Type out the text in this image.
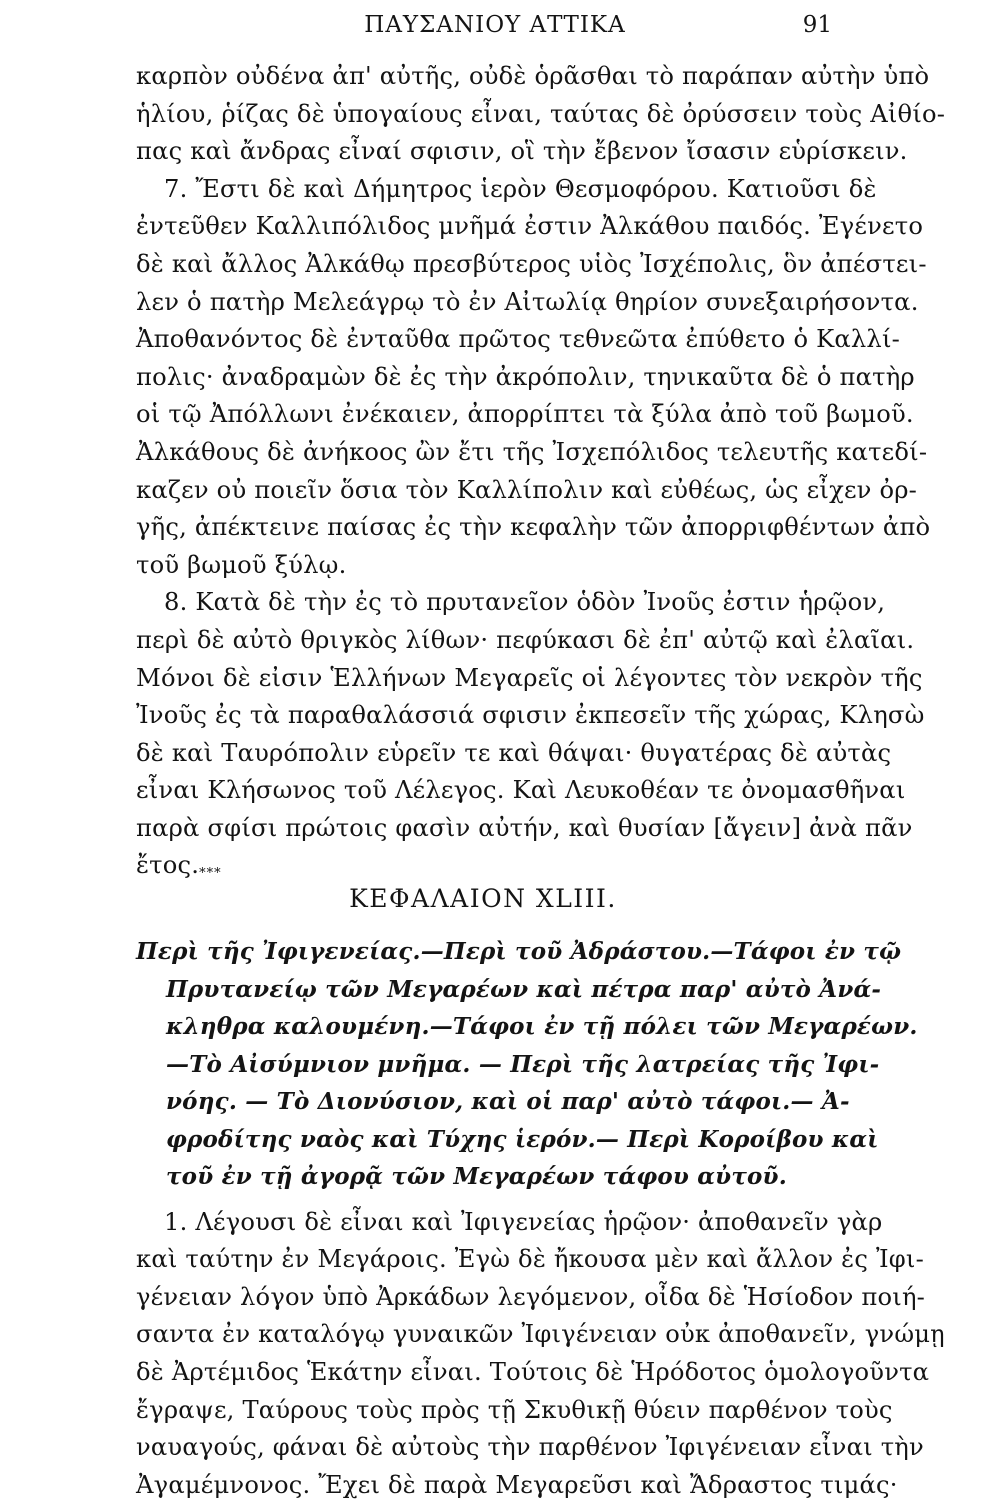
ΠΑΥΣΑΝΙΟΥ ΑΤΤΙΚΑ	91
καρπὸν οὐδένα ἀπ' αὐτῆς, οὐδὲ ὁρᾶσθαι τὸ παράπαν αὐτὴν ὑπὸ
ἡλίου, ῥίζας δὲ ὑπογαίους εἶναι, ταύτας δὲ ὀρύσσειν τοὺς Αἰθίο-
πας καὶ ἄνδρας εἶναί σφισιν, οἳ τὴν ἔβενον ἴσασιν εὑρίσκειν.
7. Ἔστι δὲ καὶ Δήμητρος ἱερὸν Θεσμοφόρου. Κατιοῦσι δὲ
ἐντεῦθεν Καλλιπόλιδος μνῆμά ἐστιν Ἀλκάθου παιδός. Ἐγένετο
δὲ καὶ ἄλλος Ἀλκάθῳ πρεσβύτερος υἱὸς Ἰσχέπολις, ὃν ἀπέστει-
λεν ὁ πατὴρ Μελεάγρῳ τὸ ἐν Αἰτωλίᾳ θηρίον συνεξαιρήσοντα.
Ἀποθανόντος δὲ ἐνταῦθα πρῶτος τεθνεῶτα ἐπύθετο ὁ Καλλί-
πολις· ἀναδραμὼν δὲ ἐς τὴν ἀκρόπολιν, τηνικαῦτα δὲ ὁ πατὴρ
οἱ τῷ Ἀπόλλωνι ἐνέκαιεν, ἀπορρίπτει τὰ ξύλα ἀπὸ τοῦ βωμοῦ.
Ἀλκάθους δὲ ἀνήκοος ὢν ἔτι τῆς Ἰσχεπόλιδος τελευτῆς κατεδί-
καζεν οὐ ποιεῖν ὅσια τὸν Καλλίπολιν καὶ εὐθέως, ὡς εἶχεν ὀρ-
γῆς, ἀπέκτεινε παίσας ἐς τὴν κεφαλὴν τῶν ἀπορριφθέντων ἀπὸ
τοῦ βωμοῦ ξύλῳ.
8. Κατὰ δὲ τὴν ἐς τὸ πρυτανεῖον ὁδὸν Ἰνοῦς ἐστιν ἡρῷον,
περὶ δὲ αὐτὸ θριγκὸς λίθων· πεφύκασι δὲ ἐπ' αὐτῷ καὶ ἐλαῖαι.
Μόνοι δὲ εἰσιν Ἑλλήνων Μεγαρεῖς οἱ λέγοντες τὸν νεκρὸν τῆς
Ἰνοῦς ἐς τὰ παραθαλάσσιά σφισιν ἐκπεσεῖν τῆς χώρας, Κλησὼ
δὲ καὶ Ταυρόπολιν εὑρεῖν τε καὶ θάψαι· θυγατέρας δὲ αὐτὰς
εἶναι Κλήσωνος τοῦ Λέλεγος. Καὶ Λευκοθέαν τε ὀνομασθῆναι
παρὰ σφίσι πρώτοις φασὶν αὐτήν, καὶ θυσίαν [ἄγειν] ἀνὰ πᾶν
ἔτος.***
ΚΕΦΑΛΑΙΟΝ XLIII.
Περὶ τῆς Ἰφιγενείας.—Περὶ τοῦ Ἀδράστου.—Τάφοι ἐν τῷ
Πρυτανείῳ τῶν Μεγαρέων καὶ πέτρα παρ' αὐτὸ Ἀνά-
κληθρα καλουμένη.—Τάφοι ἐν τῇ πόλει τῶν Μεγαρέων.
—Τὸ Αἰσύμνιον μνῆμα. — Περὶ τῆς λατρείας τῆς Ἰφι-
νόης. — Τὸ Διονύσιον, καὶ οἱ παρ' αὐτὸ τάφοι.— Ἀ-
φροδίτης ναὸς καὶ Τύχης ἱερόν.— Περὶ Κοροίβου καὶ
τοῦ ἐν τῇ ἀγορᾷ τῶν Μεγαρέων τάφου αὐτοῦ.
1. Λέγουσι δὲ εἶναι καὶ Ἰφιγενείας ἡρῷον· ἀποθανεῖν γὰρ
καὶ ταύτην ἐν Μεγάροις. Ἐγὼ δὲ ἤκουσα μὲν καὶ ἄλλον ἐς Ἰφι-
γένειαν λόγον ὑπὸ Ἀρκάδων λεγόμενον, οἶδα δὲ Ἡσίοδον ποιή-
σαντα ἐν καταλόγῳ γυναικῶν Ἰφιγένειαν οὐκ ἀποθανεῖν, γνώμῃ
δὲ Ἀρτέμιδος Ἑκάτην εἶναι. Τούτοις δὲ Ἡρόδοτος ὁμολογοῦντα
ἔγραψε, Ταύρους τοὺς πρὸς τῇ Σκυθικῇ θύειν παρθένον τοὺς
ναυαγούς, φάναι δὲ αὐτοὺς τὴν παρθένον Ἰφιγένειαν εἶναι τὴν
Ἀγαμέμνονος. Ἔχει δὲ παρὰ Μεγαρεῦσι καὶ Ἄδραστος τιμάς·
